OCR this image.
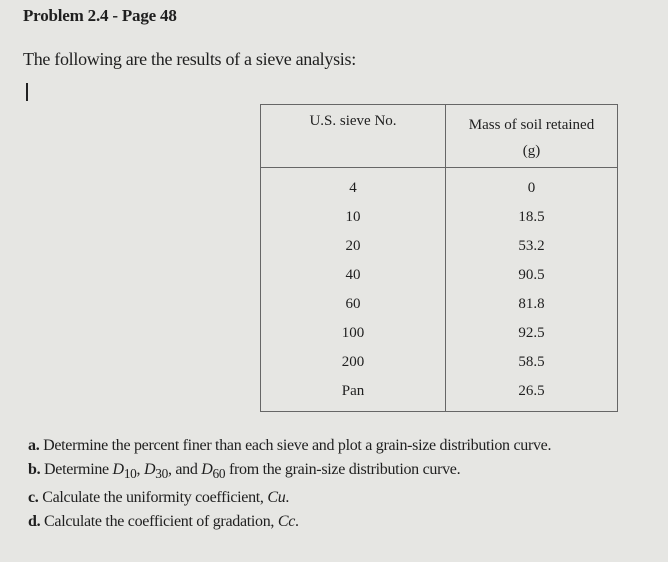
Problem 2.4 - Page 48
The following are the results of a sieve analysis:
U.S. sieve No.	Mass of soil retained
(g)
4	0
10	18.5
20	53.2
40	90.5
60	81.8
100	92.5
200	58.5
Pan	26.5

a. Determine the percent finer than each sieve and plot a grain-size distribution curve.
b. Determine $D_{10}$, $D_{30}$, and $D_{60}$ from the grain-size distribution curve.
c. Calculate the uniformity coefficient, Cu.
d. Calculate the coefficient of gradation, Cc.
